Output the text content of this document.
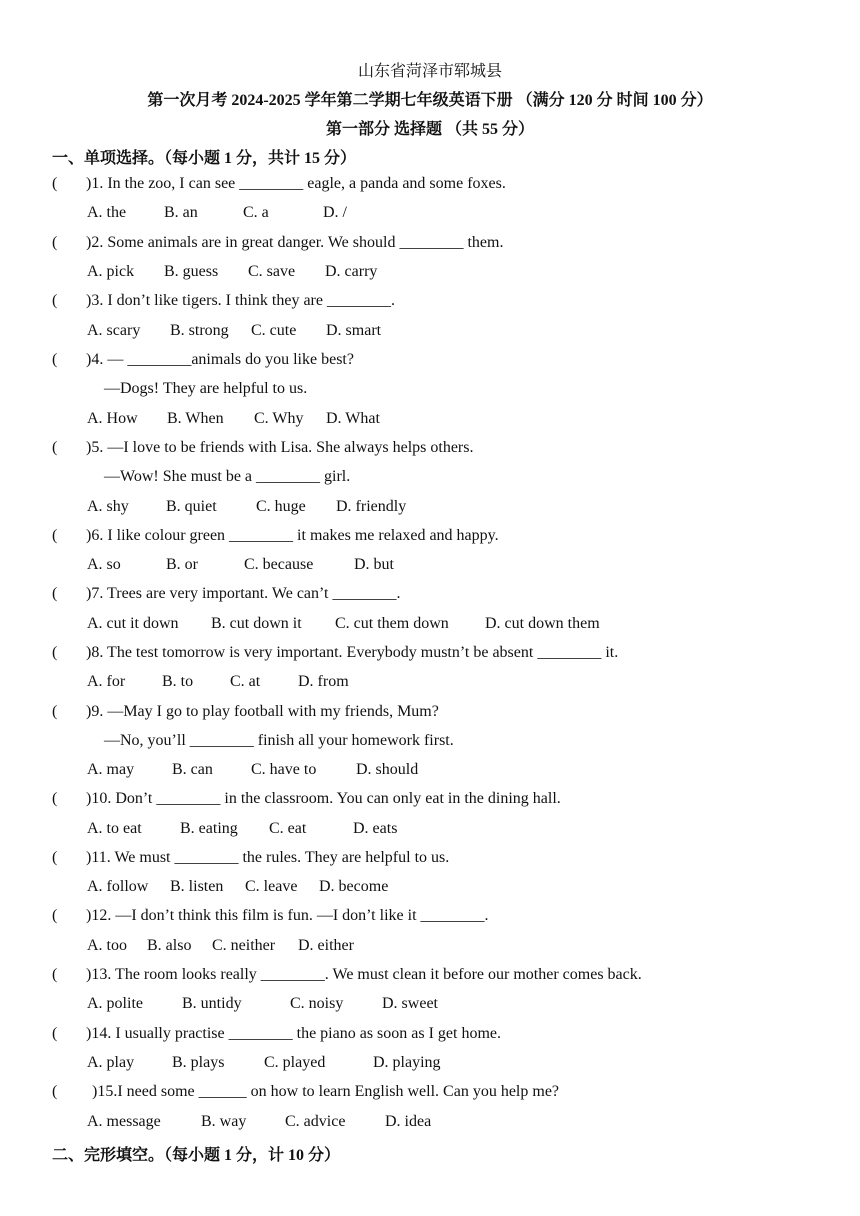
山东省菏泽市郓城县
第一次月考 2024-2025 学年第二学期七年级英语下册 （满分 120 分 时间 100 分）
第一部分 选择题 （共 55 分）
一、单项选择。（每小题 1 分，共计 15 分）
( )1. In the zoo, I can see ________ eagle, a panda and some foxes.
A. the B. an	C. a	D. /
( )2. Some animals are in great danger. We should ________ them.
A. pick B. guess C. save D. carry
( )3. I don’t like tigers. I think they are ________.
A. scary B. strong C. cute D. smart
( )4. — ________animals do you like best?
—Dogs! They are helpful to us.
A. How B. When C. Why D. What
( )5. —I love to be friends with Lisa. She always helps others.
—Wow! She must be a ________ girl.
A. shy B. quiet C. huge D. friendly
( )6. I like colour green ________ it makes me relaxed and happy.
A. so	B. or	C. because	D. but
( )7. Trees are very important. We can’t ________.
A. cut it down B. cut down it C. cut them down D. cut down them
( )8. The test tomorrow is very important. Everybody mustn’t be absent ________ it.
A. for B. to C. at D. from
( )9. —May I go to play football with my friends, Mum?
—No, you’ll ________ finish all your homework first.
A. may B. can C. have to D. should
( )10. Don’t ________ in the classroom. You can only eat in the dining hall.
A. to eat B. eating C. eat	D. eats
( )11. We must ________ the rules. They are helpful to us.
A. follow B. listen C. leave D. become
( )12. —I don’t think this film is fun. —I don’t like it ________.
A. too B. also C. neither D. either
( )13. The room looks really ________. We must clean it before our mother comes back.
A. polite B. untidy	C. noisy D. sweet
( )14. I usually practise ________ the piano as soon as I get home.
A. play B. plays C. played	D. playing
( )15.I need some ______ on how to learn English well. Can you help me?
A. message	B. way C. advice D. idea
二、完形填空。（每小题 1 分，计 10 分）
